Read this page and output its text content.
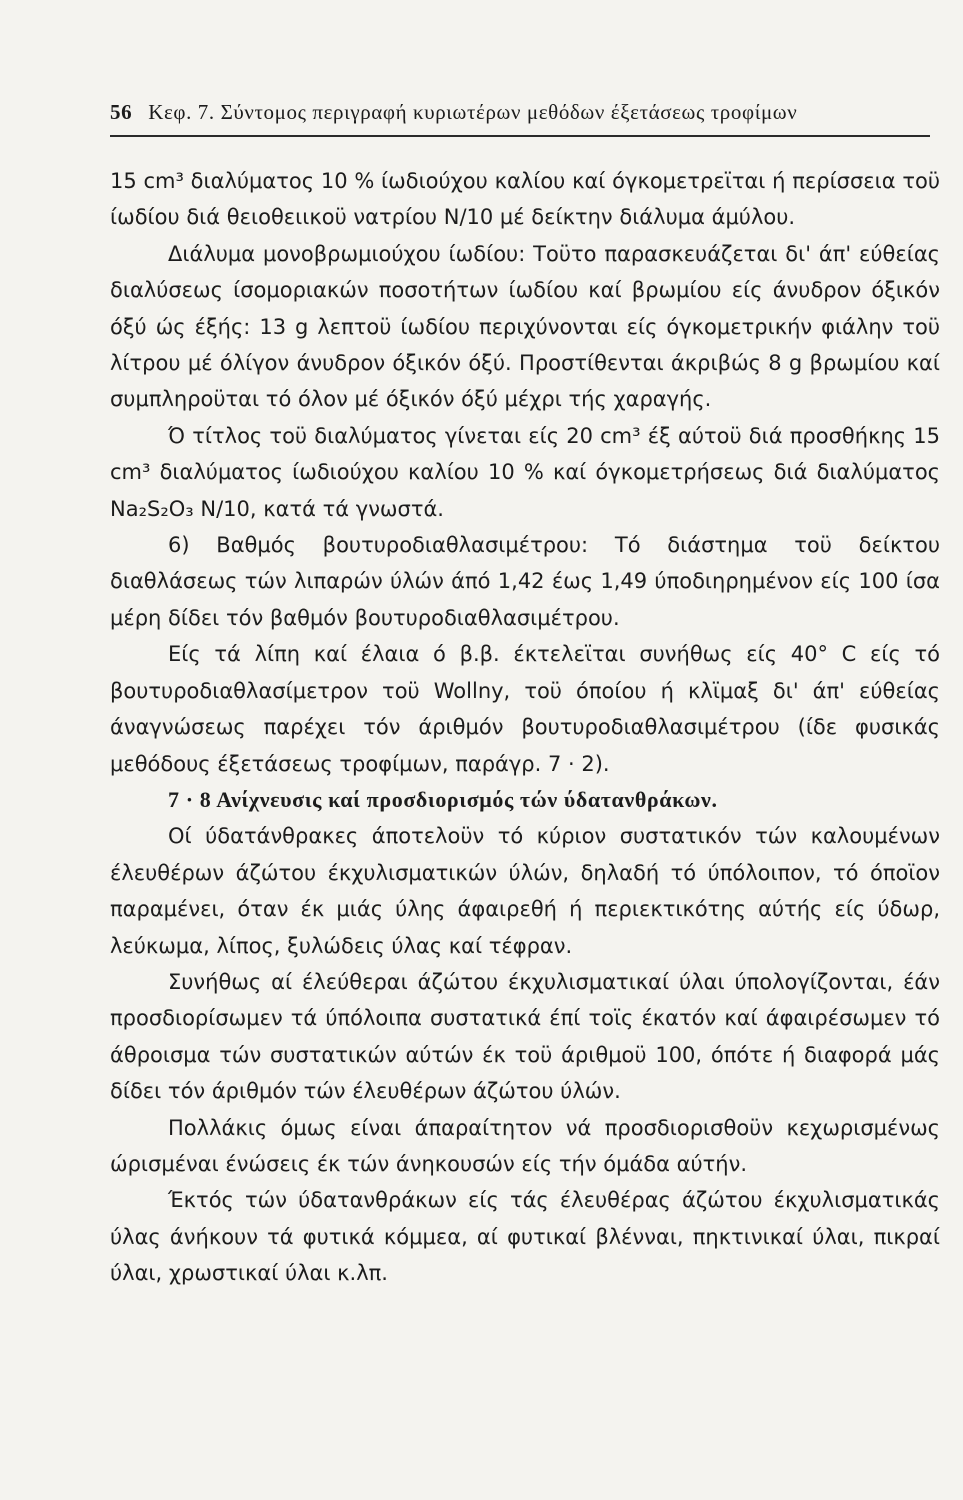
56 Κεφ. 7. Σύντομος περιγραφή κυριωτέρων μεθόδων έξετάσεως τροφίμων

15 cm³ διαλύματος 10 % ίωδιούχου καλίου καί όγκομετρεϊται ή περίσσεια τοϋ ίωδίου διά θειοθειικοϋ νατρίου N/10 μέ δείκτην διάλυμα άμύλου.

Διάλυμα μονοβρωμιούχου ίωδίου: Τοϋτο παρασκευάζεται δι' άπ' εύθείας διαλύσεως ίσομοριακών ποσοτήτων ίωδίου καί βρωμίου είς άνυδρον όξικόν όξύ ώς έξής: 13 g λεπτοϋ ίωδίου περιχύνονται είς όγκομετρικήν φιάλην τοϋ λίτρου μέ όλίγον άνυδρον όξικόν όξύ. Προστίθενται άκριβώς 8 g βρωμίου καί συμπληροϋται τό όλον μέ όξικόν όξύ μέχρι τής χαραγής.

Ό τίτλος τοϋ διαλύματος γίνεται είς 20 cm³ έξ αύτοϋ διά προσθήκης 15 cm³ διαλύματος ίωδιούχου καλίου 10 % καί όγκομετρήσεως διά διαλύματος Na₂S₂O₃ N/10, κατά τά γνωστά.

6) Βαθμός βουτυροδιαθλασιμέτρου: Τό διάστημα τοϋ δείκτου διαθλάσεως τών λιπαρών ύλών άπό 1,42 έως 1,49 ύποδιηρημένον είς 100 ίσα μέρη δίδει τόν βαθμόν βουτυροδιαθλασιμέτρου.

Είς τά λίπη καί έλαια ό β.β. έκτελεϊται συνήθως είς 40° C είς τό βουτυροδιαθλασίμετρον τοϋ Wollny, τοϋ όποίου ή κλϊμαξ δι' άπ' εύθείας άναγνώσεως παρέχει τόν άριθμόν βουτυροδιαθλασιμέτρου (ίδε φυσικάς μεθόδους έξετάσεως τροφίμων, παράγρ. 7 · 2).

7 · 8 Ανίχνευσις καί προσδιορισμός τών ύδατανθράκων.

Οί ύδατάνθρακες άποτελοϋν τό κύριον συστατικόν τών καλουμένων έλευθέρων άζώτου έκχυλισματικών ύλών, δηλαδή τό ύπόλοιπον, τό όποϊον παραμένει, όταν έκ μιάς ύλης άφαιρεθή ή περιεκτικότης αύτής είς ύδωρ, λεύκωμα, λίπος, ξυλώδεις ύλας καί τέφραν.

Συνήθως αί έλεύθεραι άζώτου έκχυλισματικαί ύλαι ύπολογίζονται, έάν προσδιορίσωμεν τά ύπόλοιπα συστατικά έπί τοϊς έκατόν καί άφαιρέσωμεν τό άθροισμα τών συστατικών αύτών έκ τοϋ άριθμοϋ 100, όπότε ή διαφορά μάς δίδει τόν άριθμόν τών έλευθέρων άζώτου ύλών.

Πολλάκις όμως είναι άπαραίτητον νά προσδιορισθοϋν κεχωρισμένως ώρισμέναι ένώσεις έκ τών άνηκουσών είς τήν όμάδα αύτήν.

Έκτός τών ύδατανθράκων είς τάς έλευθέρας άζώτου έκχυλισματικάς ύλας άνήκουν τά φυτικά κόμμεα, αί φυτικαί βλένναι, πηκτινικαί ύλαι, πικραί ύλαι, χρωστικαί ύλαι κ.λπ.
